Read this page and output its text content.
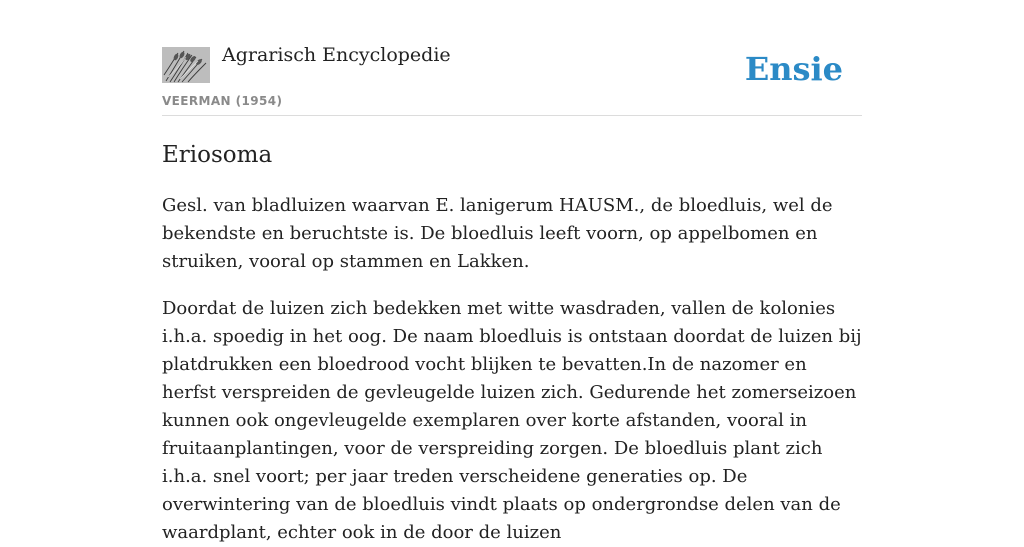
Agrarisch Encyclopedie
VEERMAN (1954)
Ensie
Eriosoma

Gesl. van bladluizen waarvan E. lanigerum HAUSM., de bloedluis, wel de bekendste en beruchtste is. De bloedluis leeft voorn, op appelbomen en struiken, vooral op stammen en Lakken.

Doordat de luizen zich bedekken met witte wasdraden, vallen de kolonies i.h.a. spoedig in het oog. De naam bloedluis is ontstaan doordat de luizen bij platdrukken een bloedrood vocht blijken te bevatten.In de nazomer en herfst verspreiden de gevleugelde luizen zich. Gedurende het zomerseizoen kunnen ook ongevleugelde exemplaren over korte afstanden, vooral in fruitaanplantingen, voor de verspreiding zorgen. De bloedluis plant zich i.h.a. snel voort; per jaar treden verscheidene generaties op. De overwintering van de bloedluis vindt plaats op ondergrondse delen van de waardplant, echter ook in de door de luizen
